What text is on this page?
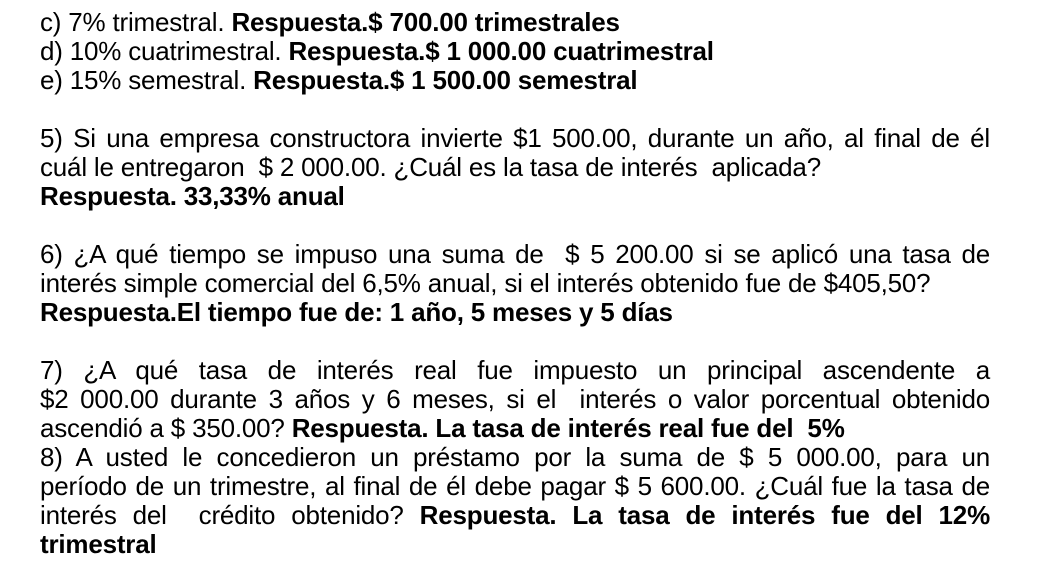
c) 7% trimestral. Respuesta.$ 700.00 trimestrales
d) 10% cuatrimestral. Respuesta.$ 1 000.00 cuatrimestral
e) 15% semestral. Respuesta.$ 1 500.00 semestral
5) Si una empresa constructora invierte $1 500.00, durante un año, al final de él
cuál le entregaron  $ 2 000.00. ¿Cuál es la tasa de interés  aplicada?
Respuesta. 33,33% anual
6) ¿A qué tiempo se impuso una suma de  $ 5 200.00 si se aplicó una tasa de
interés simple comercial del 6,5% anual, si el interés obtenido fue de $405,50?
Respuesta.El tiempo fue de: 1 año, 5 meses y 5 días
7) ¿A qué tasa de interés real fue impuesto un principal ascendente a
$2 000.00 durante 3 años y 6 meses, si el  interés o valor porcentual obtenido
ascendió a $ 350.00? Respuesta. La tasa de interés real fue del  5%
8) A usted le concedieron un préstamo por la suma de $ 5 000.00, para un
período de un trimestre, al final de él debe pagar $ 5 600.00. ¿Cuál fue la tasa de
interés del  crédito obtenido? Respuesta. La tasa de interés fue del 12%
trimestral
